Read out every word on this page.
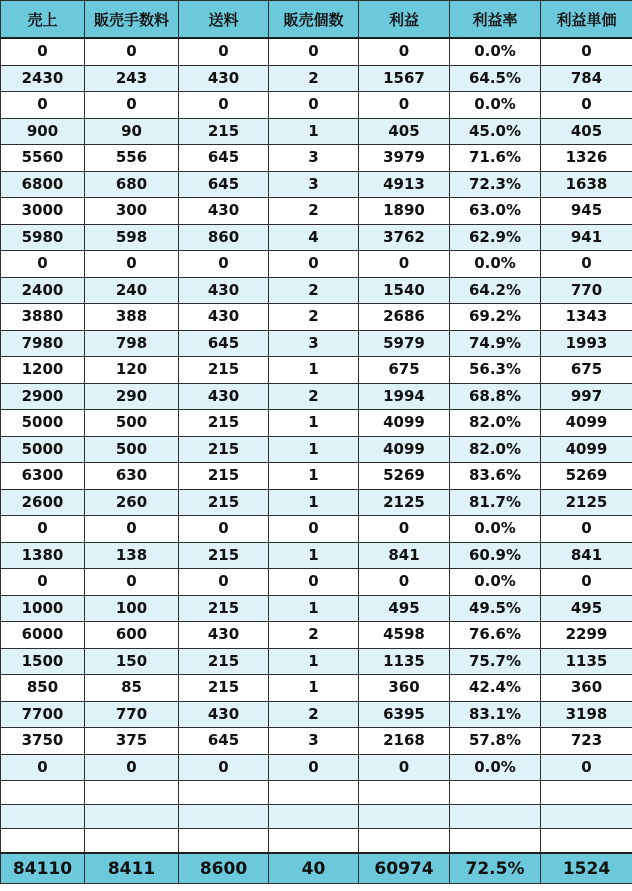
売上	販売手数料	送料	販売個数	利益	利益率	利益単価
0	0	0	0	0	0.0%	0
2430	243	430	2	1567	64.5%	784
0	0	0	0	0	0.0%	0
900	90	215	1	405	45.0%	405
5560	556	645	3	3979	71.6%	1326
6800	680	645	3	4913	72.3%	1638
3000	300	430	2	1890	63.0%	945
5980	598	860	4	3762	62.9%	941
0	0	0	0	0	0.0%	0
2400	240	430	2	1540	64.2%	770
3880	388	430	2	2686	69.2%	1343
7980	798	645	3	5979	74.9%	1993
1200	120	215	1	675	56.3%	675
2900	290	430	2	1994	68.8%	997
5000	500	215	1	4099	82.0%	4099
5000	500	215	1	4099	82.0%	4099
6300	630	215	1	5269	83.6%	5269
2600	260	215	1	2125	81.7%	2125
0	0	0	0	0	0.0%	0
1380	138	215	1	841	60.9%	841
0	0	0	0	0	0.0%	0
1000	100	215	1	495	49.5%	495
6000	600	430	2	4598	76.6%	2299
1500	150	215	1	1135	75.7%	1135
850	85	215	1	360	42.4%	360
7700	770	430	2	6395	83.1%	3198
3750	375	645	3	2168	57.8%	723
0	0	0	0	0	0.0%	0

84110	8411	8600	40	60974	72.5%	1524
